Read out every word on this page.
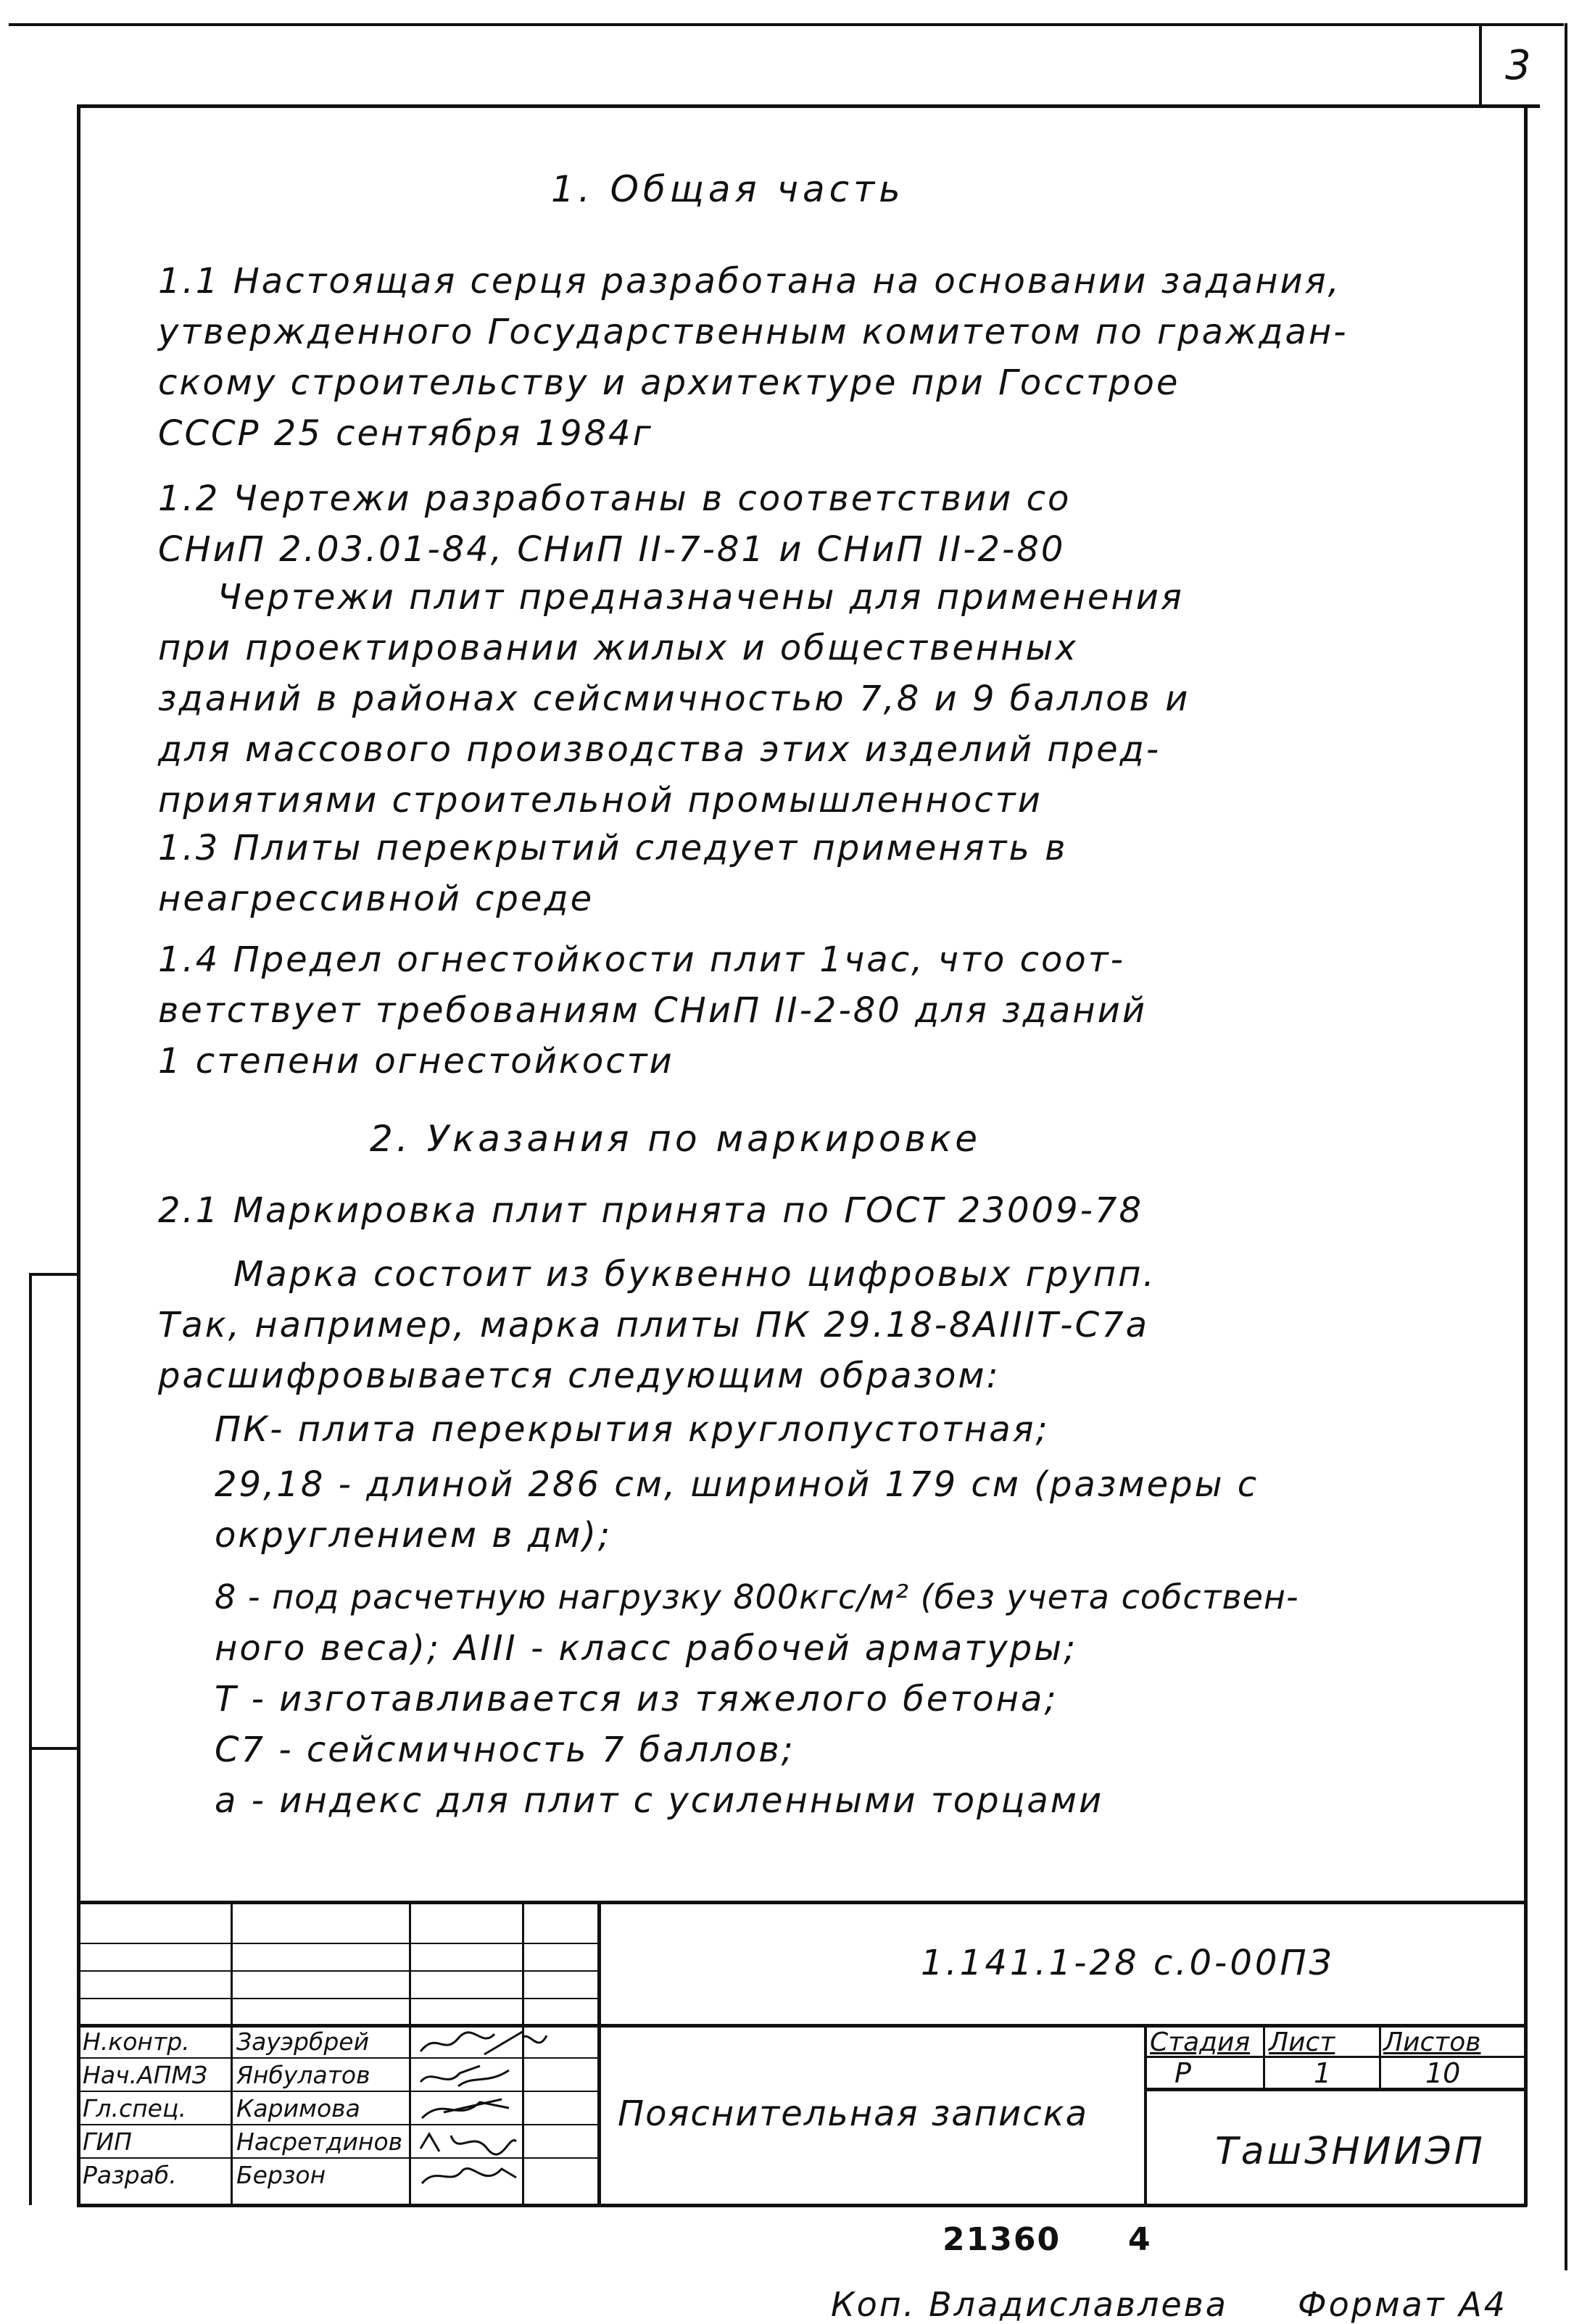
3
1. Общая часть
1.1 Настоящая серця разработана на основании задания,
утвержденного Государственным комитетом по граждан-
скому строительству и архитектуре при Госстрое
СССР 25 сентября 1984г
1.2 Чертежи разработаны в соответствии со
СНиП 2.03.01-84, СНиП II-7-81 и СНиП II-2-80
Чертежи плит предназначены для применения
при проектировании жилых и общественных
зданий в районах сейсмичностью 7,8 и 9 баллов и
для массового производства этих изделий пред-
приятиями строительной промышленности
1.3 Плиты перекрытий следует применять в
неагрессивной среде
1.4 Предел огнестойкости плит 1час, что соот-
ветствует требованиям СНиП II-2-80 для зданий
1 степени огнестойкости
2. Указания по маркировке
2.1 Маркировка плит принята по ГОСТ 23009-78
Марка состоит из буквенно цифровых групп.
Так, например, марка плиты ПК 29.18-8АIIIТ-С7а
расшифровывается следующим образом:
ПК- плита перекрытия круглопустотная;
29,18 - длиной 286 см, шириной 179 см (размеры с
округлением в дм);
8 - под расчетную нагрузку 800кгс/м² (без учета собствен-
ного веса); АIII - класс рабочей арматуры;
Т - изготавливается из тяжелого бетона;
С7 - сейсмичность 7 баллов;
а - индекс для плит с усиленными торцами
1.141.1-28 с.0-00ПЗ
Н.контр. Зауэрбрей
Нач.АПМЗ Янбулатов
Гл.спец. Каримова
ГИП	Насретдинов
Разраб. Берзон
Пояснительная записка
Стадия Лист Листов
Р	1	10
ТашЗНИИЭП
21360 4
Коп. Владиславлева Формат А4
